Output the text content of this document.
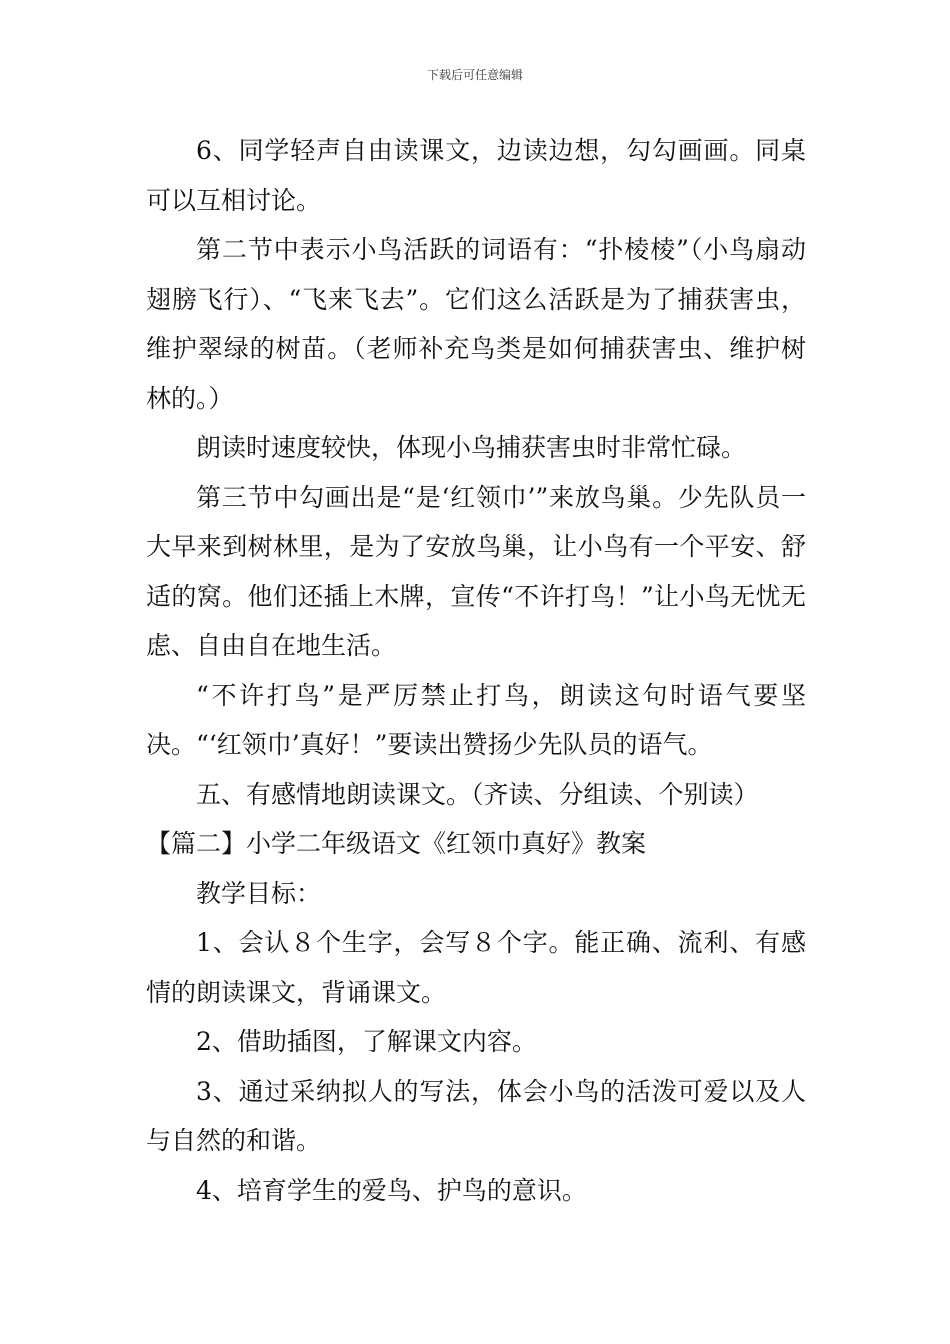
下载后可任意编辑

6、同学轻声自由读课文，边读边想，勾勾画画。同桌可以互相讨论。

第二节中表示小鸟活跃的词语有：“扑棱棱”（小鸟扇动翅膀飞行）、“飞来飞去”。它们这么活跃是为了捕获害虫，维护翠绿的树苗。（老师补充鸟类是如何捕获害虫、维护树林的。）

朗读时速度较快，体现小鸟捕获害虫时非常忙碌。

第三节中勾画出是“是‘红领巾’”来放鸟巢。少先队员一大早来到树林里，是为了安放鸟巢，让小鸟有一个平安、舒适的窝。他们还插上木牌，宣传“不许打鸟！”让小鸟无忧无虑、自由自在地生活。

“不许打鸟”是严厉禁止打鸟，朗读这句时语气要坚决。“‘红领巾’真好！”要读出赞扬少先队员的语气。

五、有感情地朗读课文。（齐读、分组读、个别读）

【篇二】小学二年级语文《红领巾真好》教案

教学目标：

1、会认８个生字，会写８个字。能正确、流利、有感情的朗读课文，背诵课文。

2、借助插图，了解课文内容。

3、通过采纳拟人的写法，体会小鸟的活泼可爱以及人与自然的和谐。

4、培育学生的爱鸟、护鸟的意识。
